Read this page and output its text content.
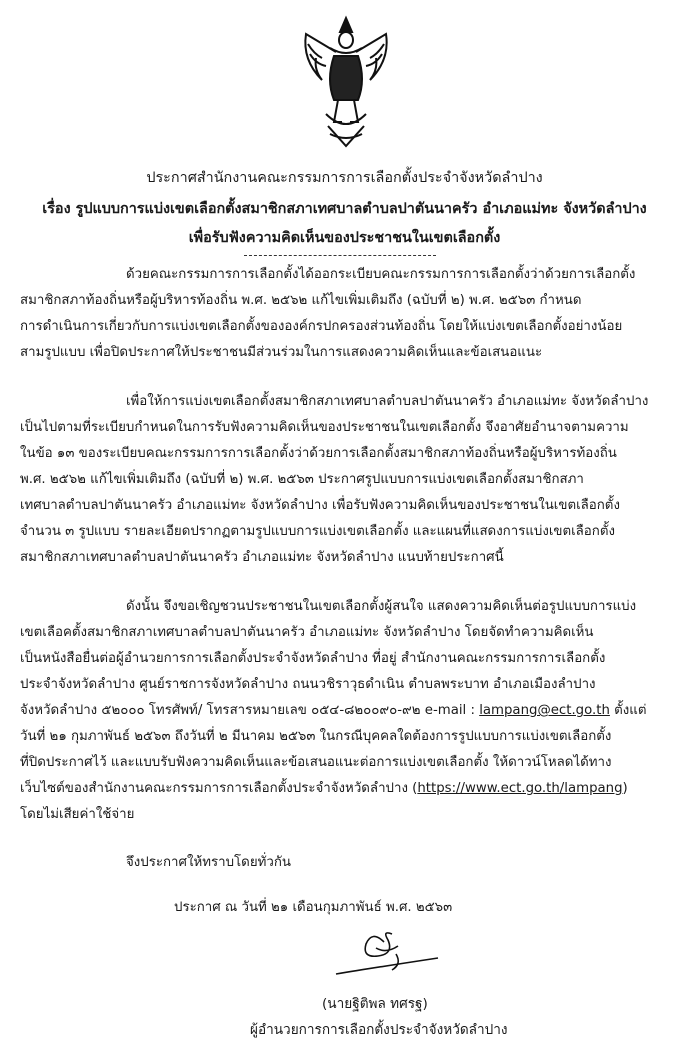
ประกาศสำนักงานคณะกรรมการการเลือกตั้งประจำจังหวัดลำปาง
เรื่อง รูปแบบการแบ่งเขตเลือกตั้งสมาชิกสภาเทศบาลตำบลปาตันนาครัว อำเภอแม่ทะ จังหวัดลำปาง
เพื่อรับฟังความคิดเห็นของประชาชนในเขตเลือกตั้ง
ด้วยคณะกรรมการการเลือกตั้งได้ออกระเบียบคณะกรรมการการเลือกตั้งว่าด้วยการเลือกตั้ง
สมาชิกสภาท้องถิ่นหรือผู้บริหารท้องถิ่น พ.ศ. ๒๕๖๒ แก้ไขเพิ่มเติมถึง (ฉบับที่ ๒) พ.ศ. ๒๕๖๓ กำหนด
การดำเนินการเกี่ยวกับการแบ่งเขตเลือกตั้งขององค์กรปกครองส่วนท้องถิ่น โดยให้แบ่งเขตเลือกตั้งอย่างน้อย
สามรูปแบบ เพื่อปิดประกาศให้ประชาชนมีส่วนร่วมในการแสดงความคิดเห็นและข้อเสนอแนะ
เพื่อให้การแบ่งเขตเลือกตั้งสมาชิกสภาเทศบาลตำบลปาตันนาครัว อำเภอแม่ทะ จังหวัดลำปาง
เป็นไปตามที่ระเบียบกำหนดในการรับฟังความคิดเห็นของประชาชนในเขตเลือกตั้ง จึงอาศัยอำนาจตามความ
ในข้อ ๑๓ ของระเบียบคณะกรรมการการเลือกตั้งว่าด้วยการเลือกตั้งสมาชิกสภาท้องถิ่นหรือผู้บริหารท้องถิ่น
พ.ศ. ๒๕๖๒ แก้ไขเพิ่มเติมถึง (ฉบับที่ ๒) พ.ศ. ๒๕๖๓ ประกาศรูปแบบการแบ่งเขตเลือกตั้งสมาชิกสภา
เทศบาลตำบลปาตันนาครัว อำเภอแม่ทะ จังหวัดลำปาง เพื่อรับฟังความคิดเห็นของประชาชนในเขตเลือกตั้ง
จำนวน ๓ รูปแบบ รายละเอียดปรากฏตามรูปแบบการแบ่งเขตเลือกตั้ง และแผนที่แสดงการแบ่งเขตเลือกตั้ง
สมาชิกสภาเทศบาลตำบลปาตันนาครัว อำเภอแม่ทะ จังหวัดลำปาง แนบท้ายประกาศนี้
ดังนั้น จึงขอเชิญชวนประชาชนในเขตเลือกตั้งผู้สนใจ แสดงความคิดเห็นต่อรูปแบบการแบ่ง
เขตเลือคตั้งสมาชิกสภาเทศบาลตำบลปาตันนาครัว อำเภอแม่ทะ จังหวัดลำปาง โดยจัดทำความคิดเห็น
เป็นหนังสือยื่นต่อผู้อำนวยการการเลือกตั้งประจำจังหวัดลำปาง ที่อยู่ สำนักงานคณะกรรมการการเลือกตั้ง
ประจำจังหวัดลำปาง ศูนย์ราชการจังหวัดลำปาง ถนนวชิราวุธดำเนิน ตำบลพระบาท อำเภอเมืองลำปาง
จังหวัดลำปาง ๕๒๐๐๐ โทรศัพท์/ โทรสารหมายเลข ๐๕๔-๘๒๐๐๙๐-๙๒ e-mail : lampang@ect.go.th ตั้งแต่
วันที่ ๒๑ กุมภาพันธ์ ๒๕๖๓ ถึงวันที่ ๒ มีนาคม ๒๕๖๓ ในกรณีบุคคลใดต้องการรูปแบบการแบ่งเขตเลือกตั้ง
ที่ปิดประกาศไว้ และแบบรับฟังความคิดเห็นและข้อเสนอแนะต่อการแบ่งเขตเลือกตั้ง ให้ดาวน์โหลดได้ทาง
เว็บไซต์ของสำนักงานคณะกรรมการการเลือกตั้งประจำจังหวัดลำปาง (https://www.ect.go.th/lampang)
โดยไม่เสียค่าใช้จ่าย
จึงประกาศให้ทราบโดยทั่วกัน
ประกาศ ณ วันที่ ๒๑ เดือนกุมภาพันธ์ พ.ศ. ๒๕๖๓
(นายฐิติพล ทศรฐ)
ผู้อำนวยการการเลือกตั้งประจำจังหวัดลำปาง
